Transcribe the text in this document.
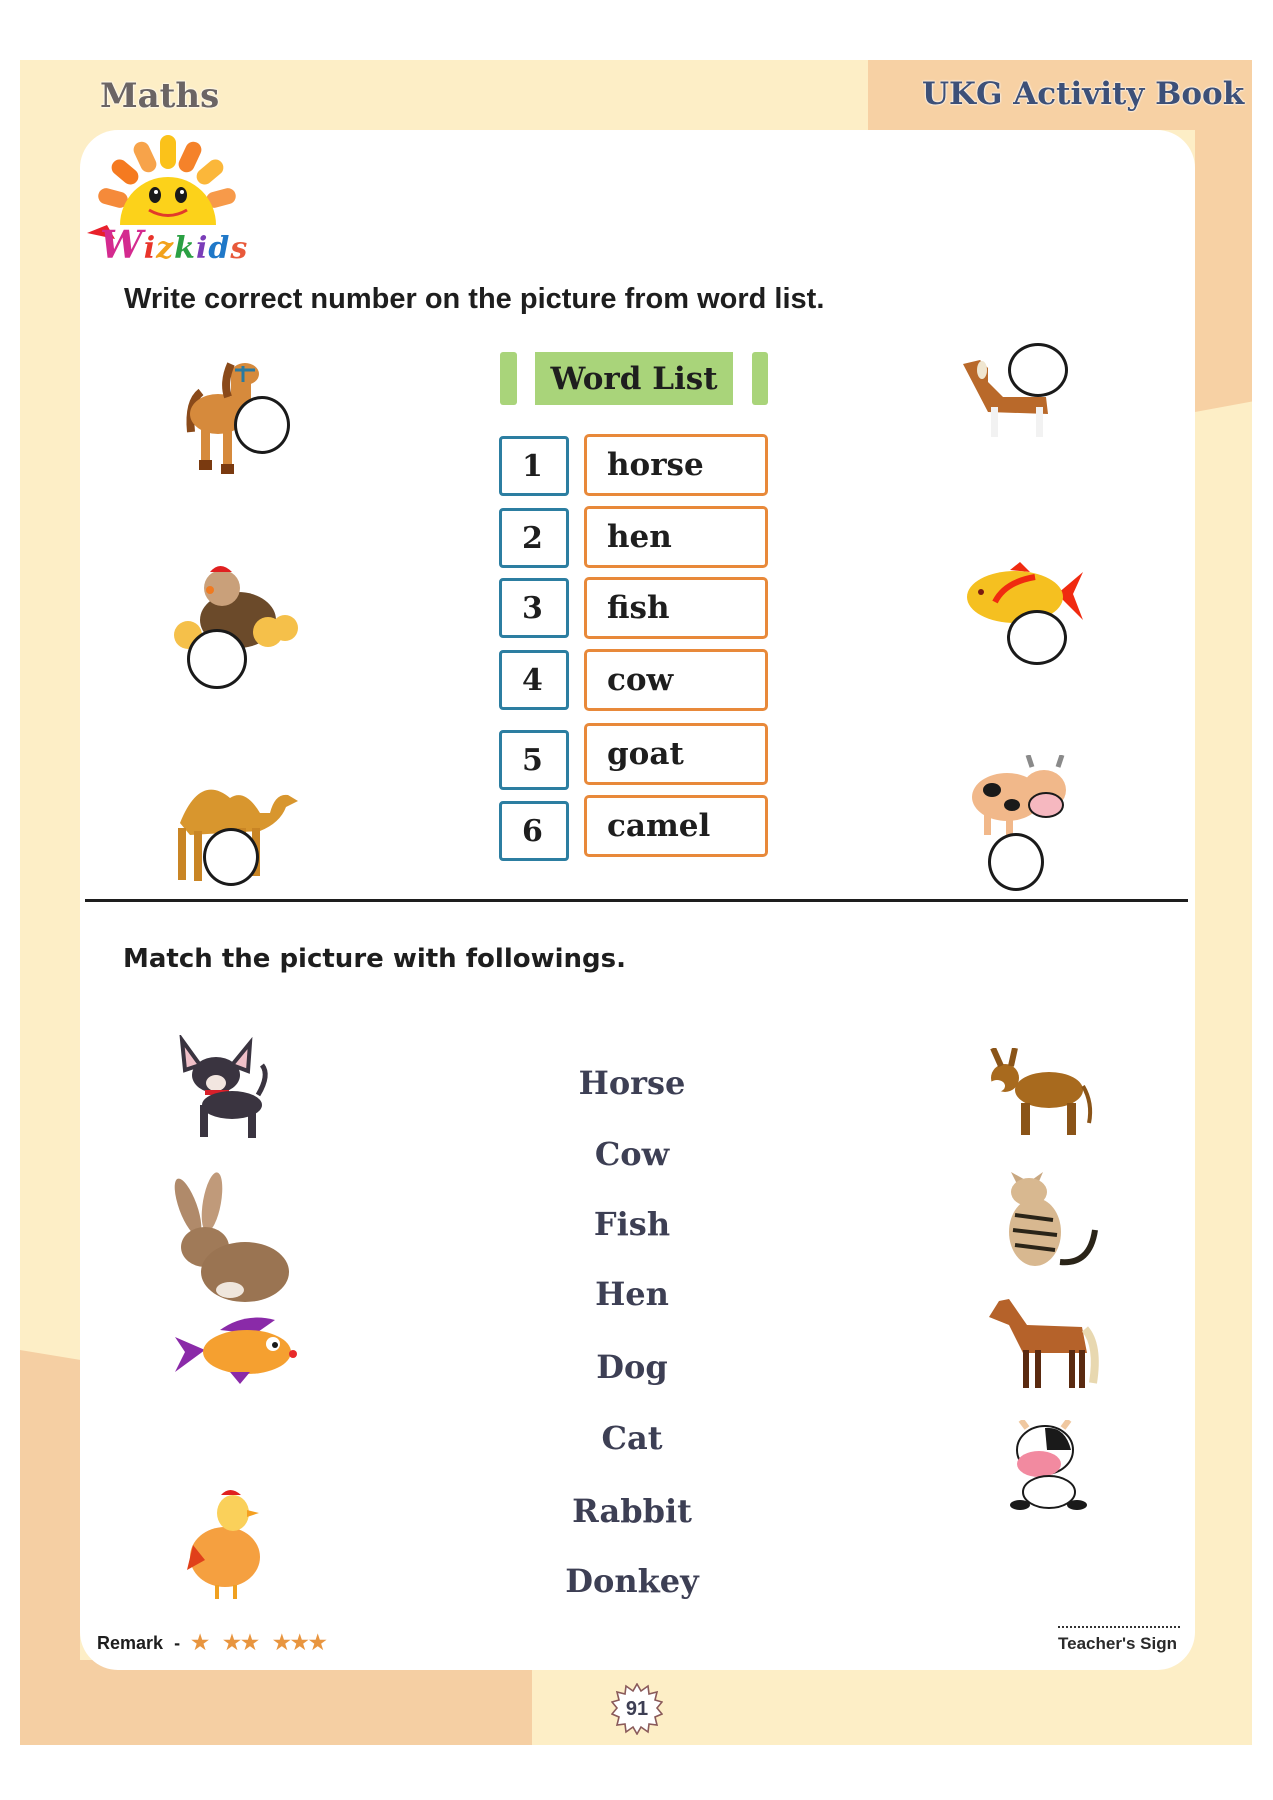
Maths	UKG Activity Book
Wizkids
Write correct number on the picture from word list.
Word List
1	horse
2	hen
3	fish
4	cow
5	goat
6	camel
Match the picture with followings.
Horse
Cow
Fish
Hen
Dog
Cat
Rabbit
Donkey
Remark - ★ ★★ ★★★	Teacher's Sign
91
